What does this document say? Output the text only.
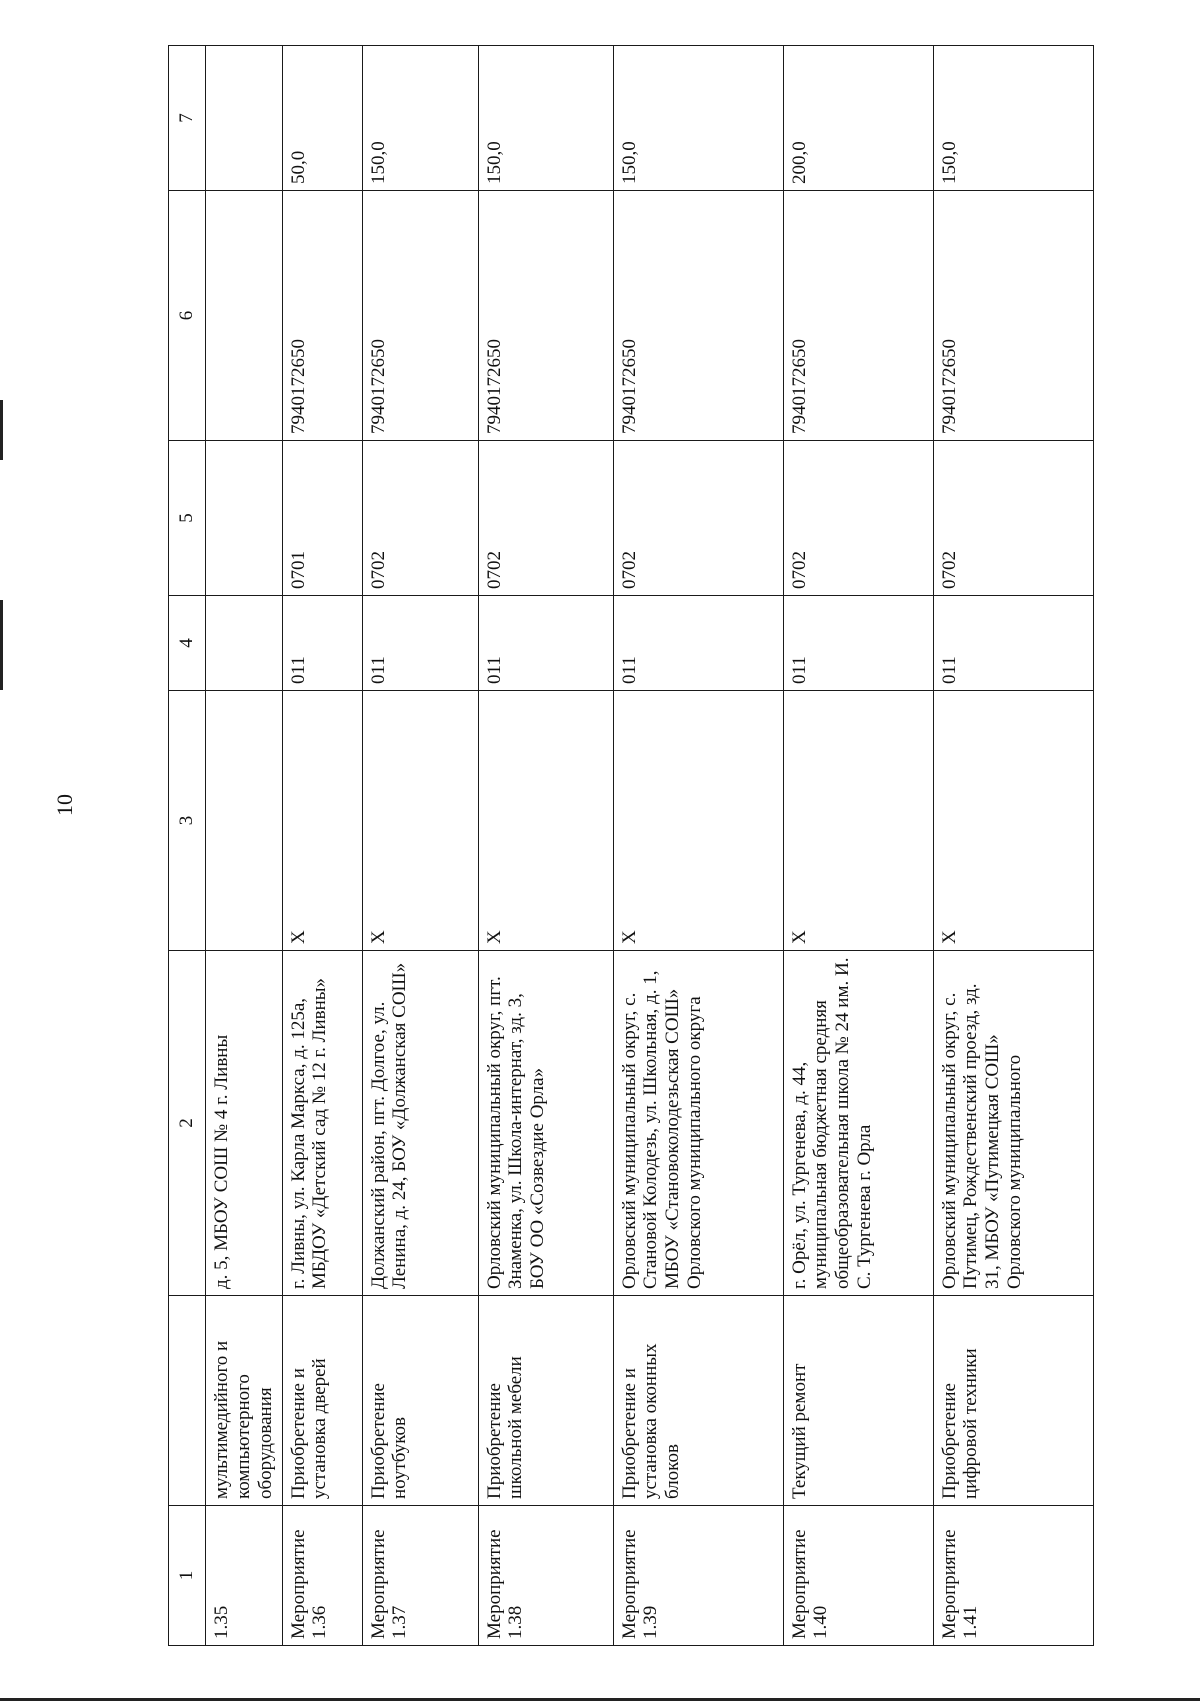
10
1		2	3	4	5	6	7
1.35	мультимедийного и компьютерного оборудования	д. 5, МБОУ СОШ № 4 г. Ливны					
Мероприятие 1.36	Приобретение и установка дверей	г. Ливны, ул. Карла Маркса, д. 125а, МБДОУ «Детский сад № 12 г. Ливны»	X	011	0701	7940172650	50,0
Мероприятие 1.37	Приобретение ноутбуков	Должанский район, пгт. Долгое, ул. Ленина, д. 24, БОУ «Должанская СОШ»	X	011	0702	7940172650	150,0
Мероприятие 1.38	Приобретение школьной мебели	Орловский муниципальный округ, пгт. Знаменка, ул. Школа-интернат, зд. 3, БОУ ОО «Созвездие Орла»	X	011	0702	7940172650	150,0
Мероприятие 1.39	Приобретение и установка оконных блоков	Орловский муниципальный округ, с. Становой Колодезь, ул. Школьная, д. 1, МБОУ «Становоколодезьская СОШ» Орловского муниципального округа	X	011	0702	7940172650	150,0
Мероприятие 1.40	Текущий ремонт	г. Орёл, ул. Тургенева, д. 44, муниципальная бюджетная средняя общеобразовательная школа № 24 им. И. С. Тургенева г. Орла	X	011	0702	7940172650	200,0
Мероприятие 1.41	Приобретение цифровой техники	Орловский муниципальный округ, с. Путимец, Рождественский проезд, зд. 31, МБОУ «Путимецкая СОШ» Орловского муниципального	X	011	0702	7940172650	150,0
